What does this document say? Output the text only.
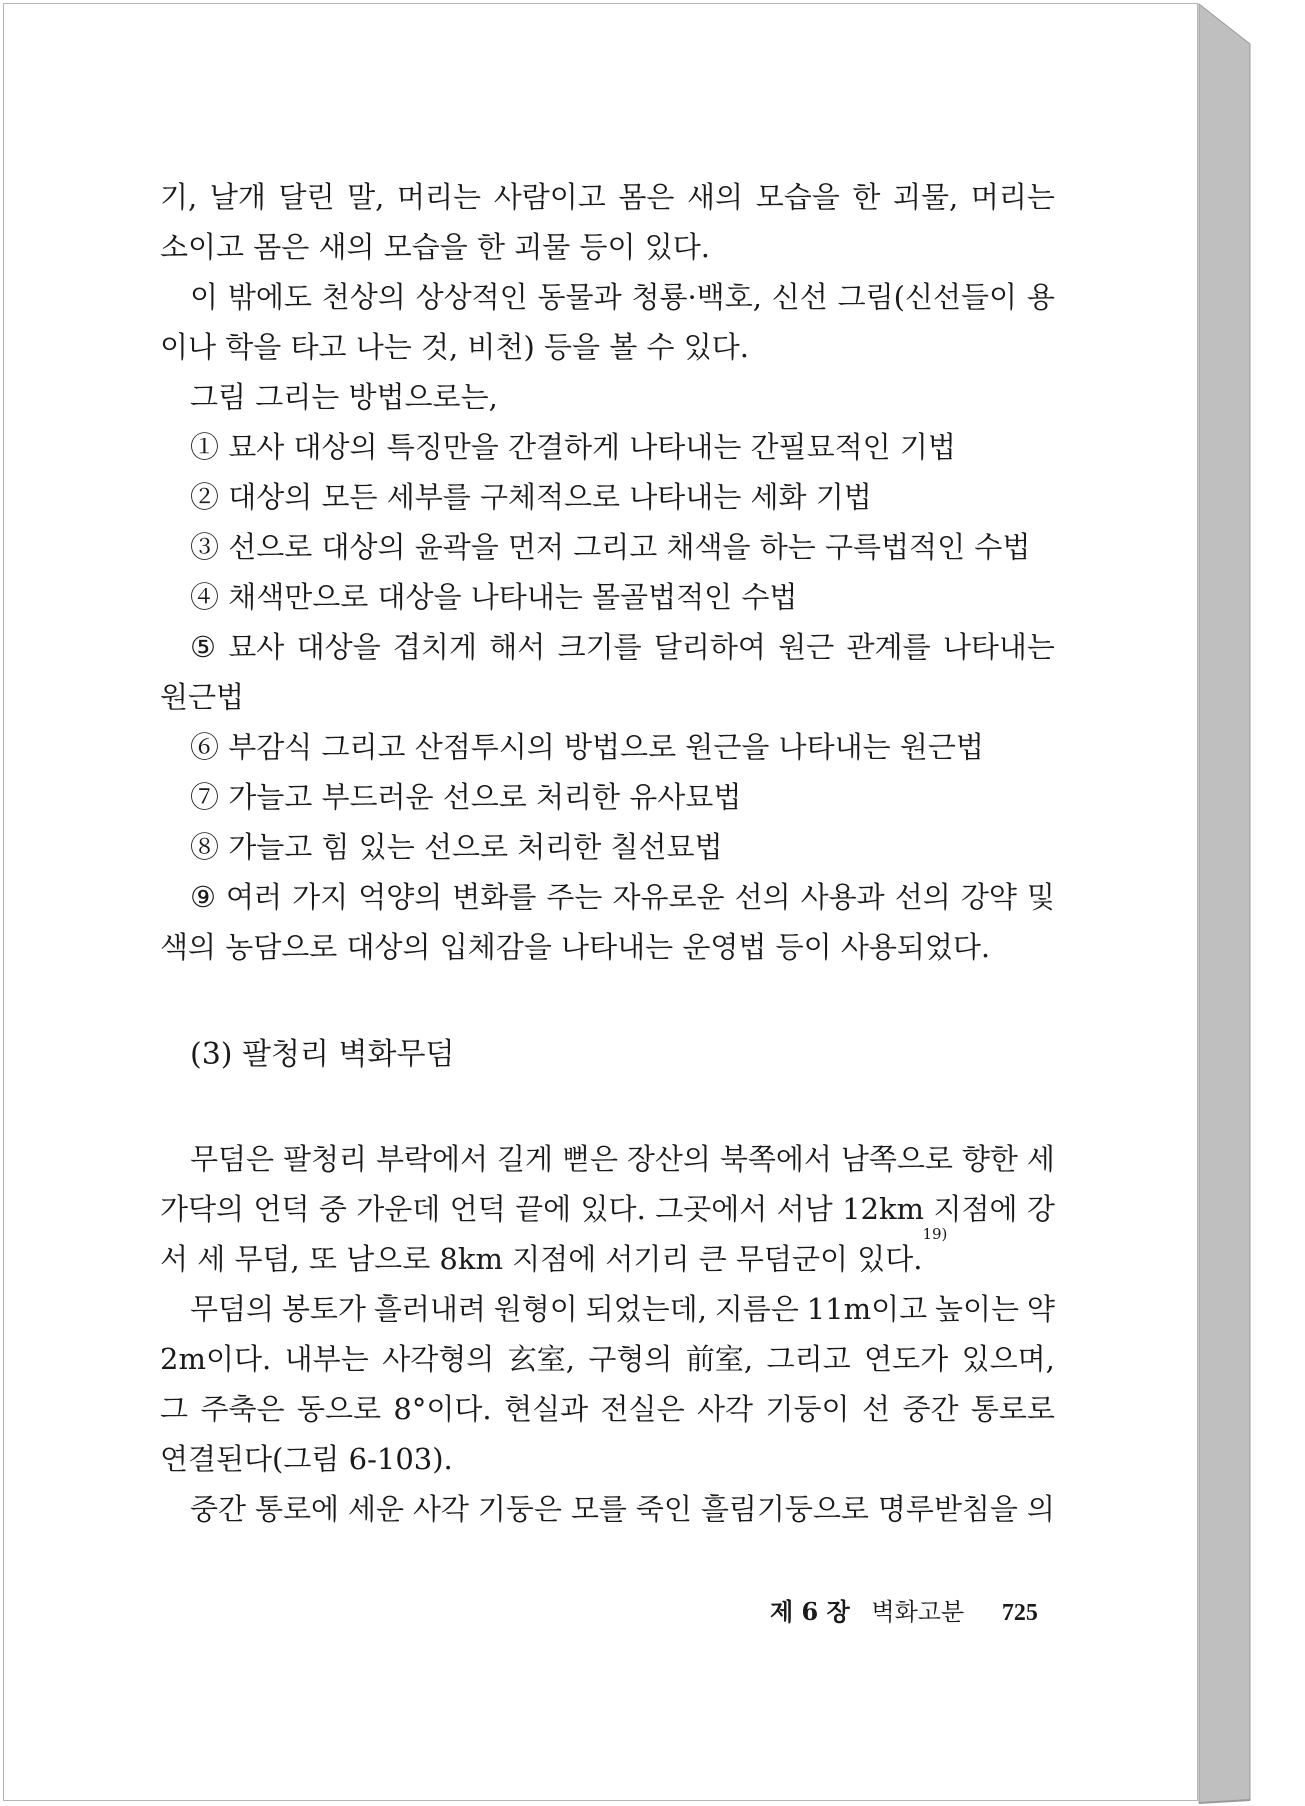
기, 날개 달린 말, 머리는 사람이고 몸은 새의 모습을 한 괴물, 머리는
소이고 몸은 새의 모습을 한 괴물 등이 있다.
이 밖에도 천상의 상상적인 동물과 청룡·백호, 신선 그림(신선들이 용
이나 학을 타고 나는 것, 비천) 등을 볼 수 있다.
그림 그리는 방법으로는,
① 묘사 대상의 특징만을 간결하게 나타내는 간필묘적인 기법
② 대상의 모든 세부를 구체적으로 나타내는 세화 기법
③ 선으로 대상의 윤곽을 먼저 그리고 채색을 하는 구륵법적인 수법
④ 채색만으로 대상을 나타내는 몰골법적인 수법
⑤ 묘사 대상을 겹치게 해서 크기를 달리하여 원근 관계를 나타내는
원근법
⑥ 부감식 그리고 산점투시의 방법으로 원근을 나타내는 원근법
⑦ 가늘고 부드러운 선으로 처리한 유사묘법
⑧ 가늘고 힘 있는 선으로 처리한 칠선묘법
⑨ 여러 가지 억양의 변화를 주는 자유로운 선의 사용과 선의 강약 및
색의 농담으로 대상의 입체감을 나타내는 운영법 등이 사용되었다.
(3) 팔청리 벽화무덤
무덤은 팔청리 부락에서 길게 뻗은 장산의 북쪽에서 남쪽으로 향한 세
가닥의 언덕 중 가운데 언덕 끝에 있다. 그곳에서 서남 12km 지점에 강
서 세 무덤, 또 남으로 8km 지점에 서기리 큰 무덤군이 있다.
19)
무덤의 봉토가 흘러내려 원형이 되었는데, 지름은 11m이고 높이는 약
2m이다. 내부는 사각형의 玄室, 구형의 前室, 그리고 연도가 있으며,
그 주축은 동으로 8°이다. 현실과 전실은 사각 기둥이 선 중간 통로로
연결된다(그림 6-103).
중간 통로에 세운 사각 기둥은 모를 죽인 흘림기둥으로 명루받침을 의
제 6 장 벽화고분 725
